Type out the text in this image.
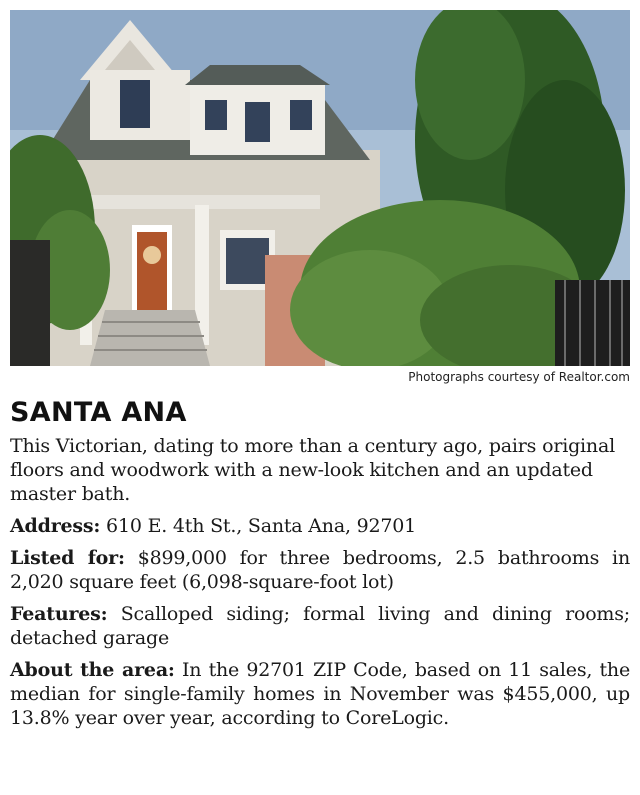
Photographs courtesy of Realtor.com
SANTA ANA

This Victorian, dating to more than a century ago, pairs original floors and woodwork with a new-look kitchen and an updated master bath.

Address: 610 E. 4th St., Santa Ana, 92701

Listed for: $899,000 for three bedrooms, 2.5 bathrooms in 2,020 square feet (6,098-square-foot lot)

Features: Scalloped siding; formal living and dining rooms; detached garage

About the area: In the 92701 ZIP Code, based on 11 sales, the median for single-family homes in November was $455,000, up 13.8% year over year, according to CoreLogic.
